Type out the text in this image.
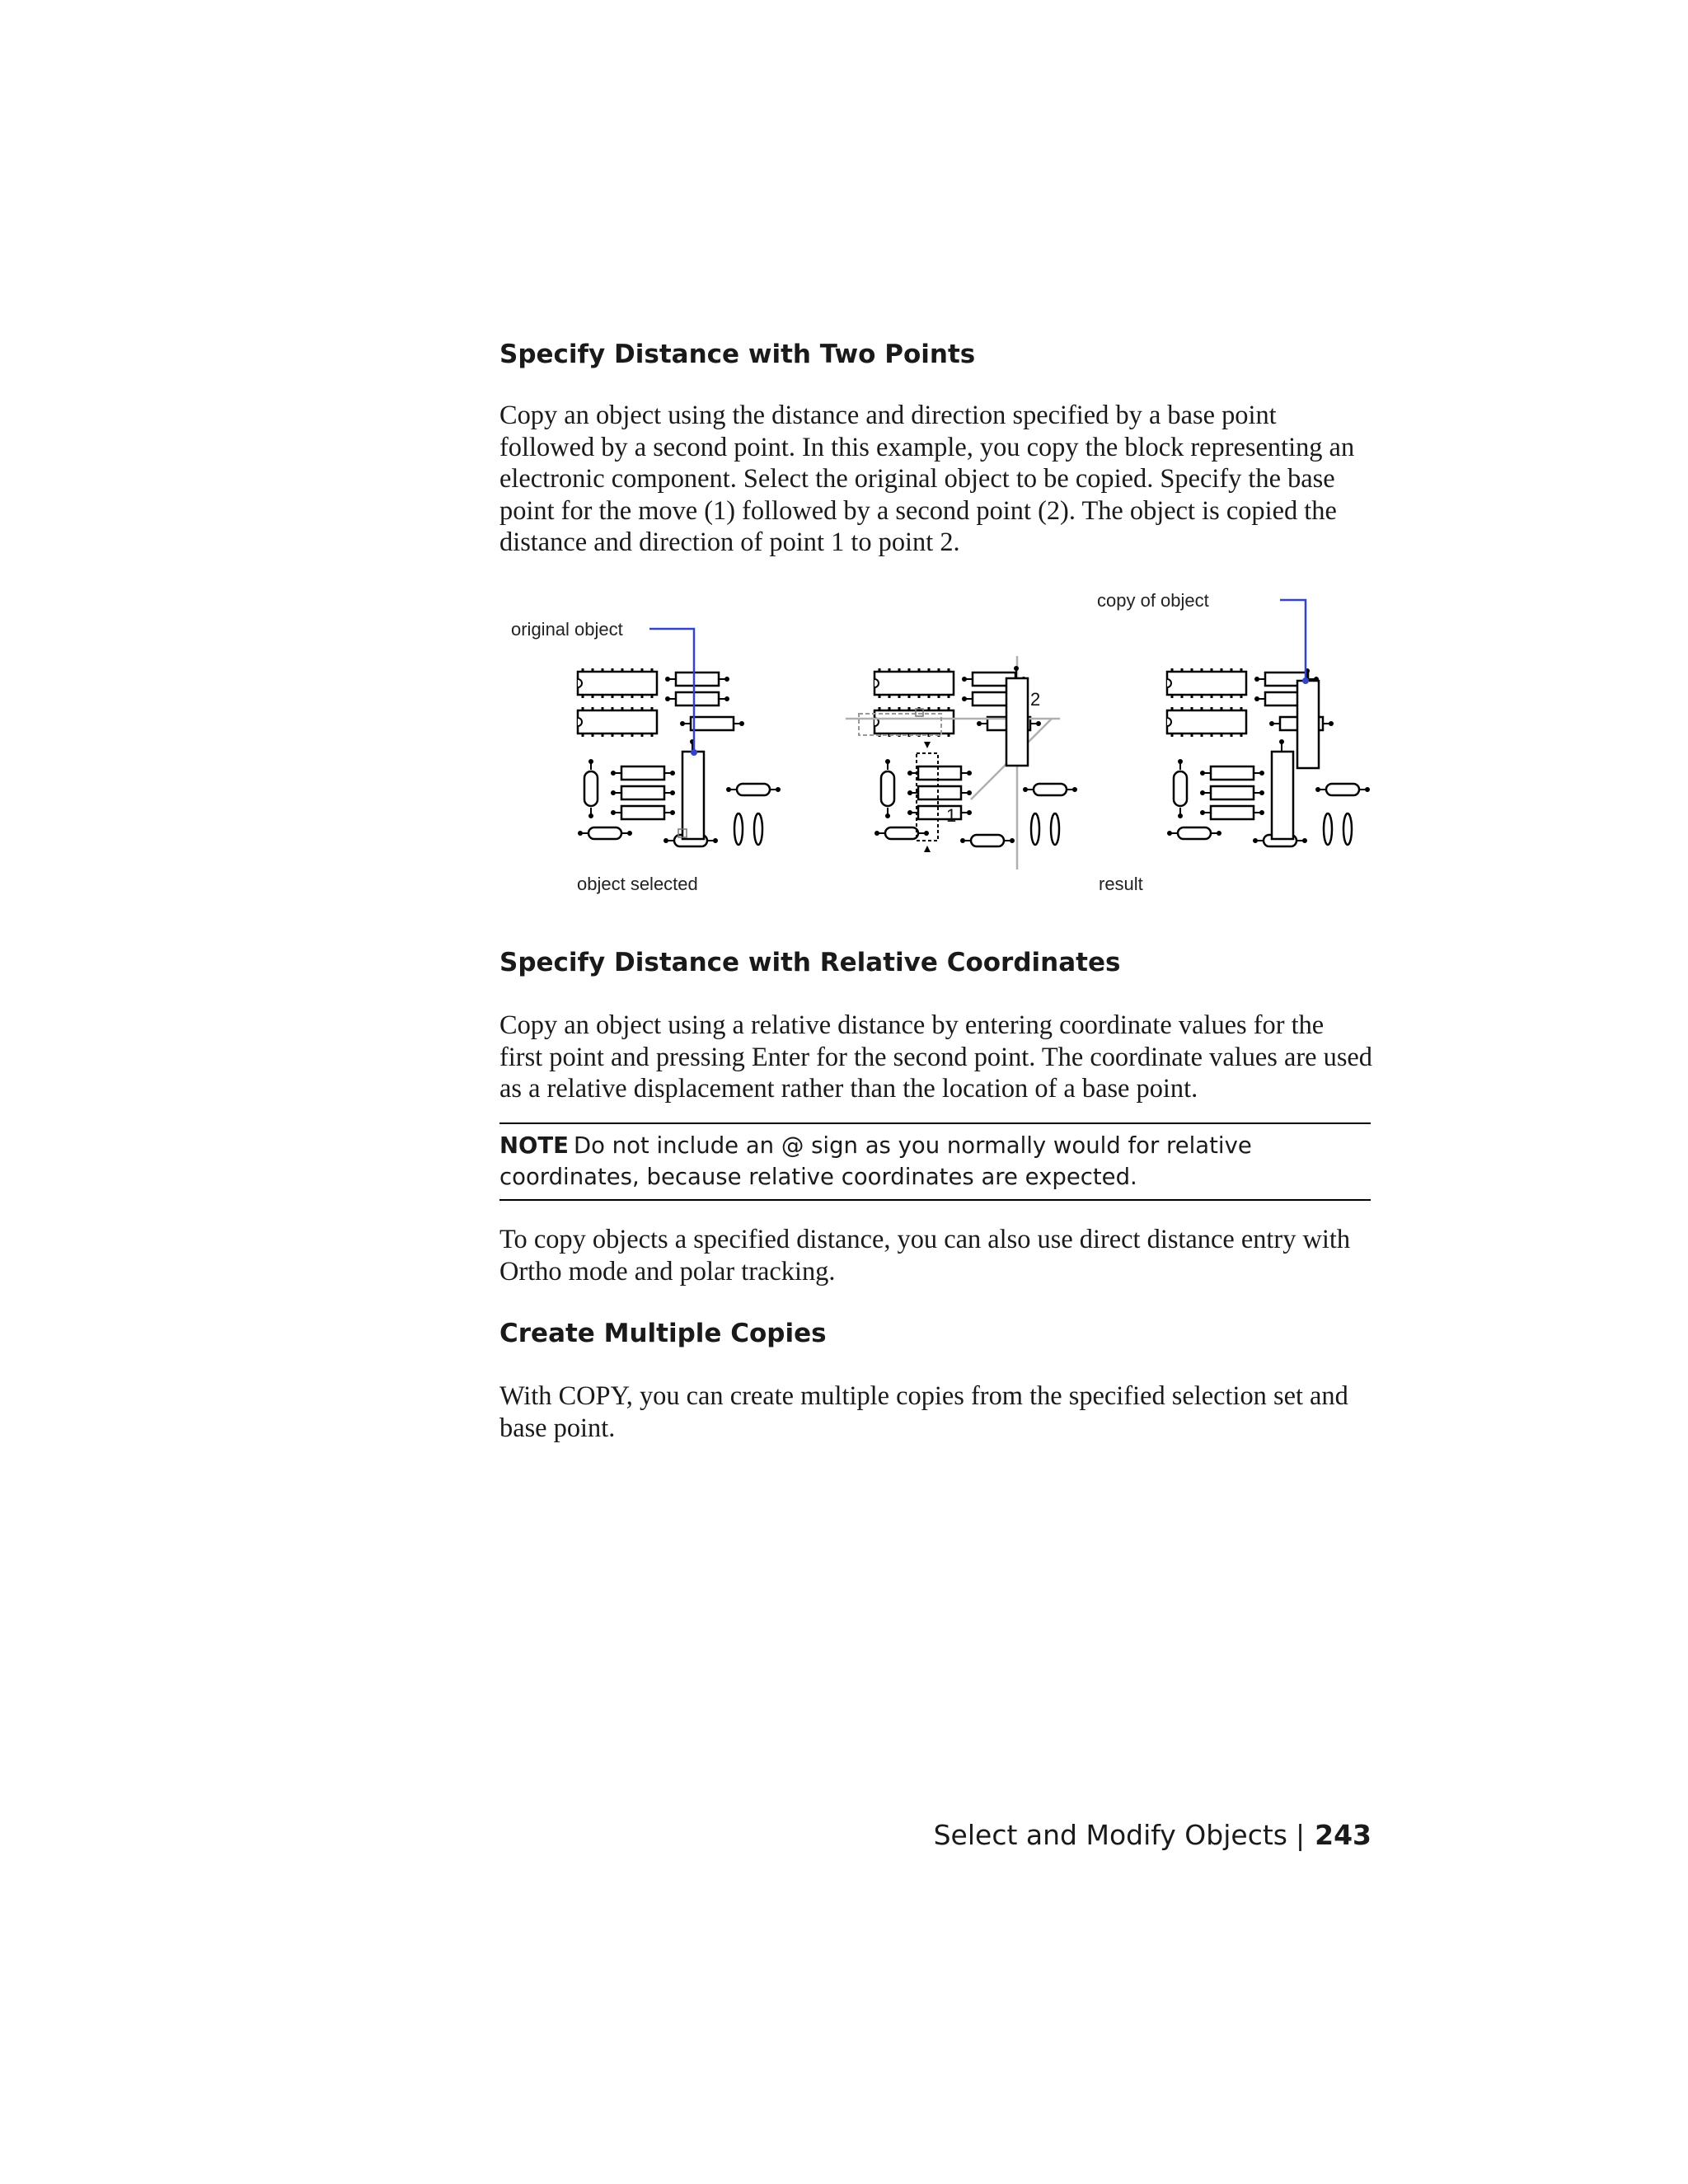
Specify Distance with Two Points

Copy an object using the distance and direction specified by a base point followed by a second point. In this example, you copy the block representing an electronic component. Select the original object to be copied. Specify the base point for the move (1) followed by a second point (2). The object is copied the distance and direction of point 1 to point 2.

original object
object selected
1
2
copy of object
result
Specify Distance with Relative Coordinates

Copy an object using a relative distance by entering coordinate values for the first point and pressing Enter for the second point. The coordinate values are used as a relative displacement rather than the location of a base point.

NOTE Do not include an @ sign as you normally would for relative coordinates, because relative coordinates are expected.

To copy objects a specified distance, you can also use direct distance entry with Ortho mode and polar tracking.

Create Multiple Copies

With COPY, you can create multiple copies from the specified selection set and base point.

Select and Modify Objects | 243
